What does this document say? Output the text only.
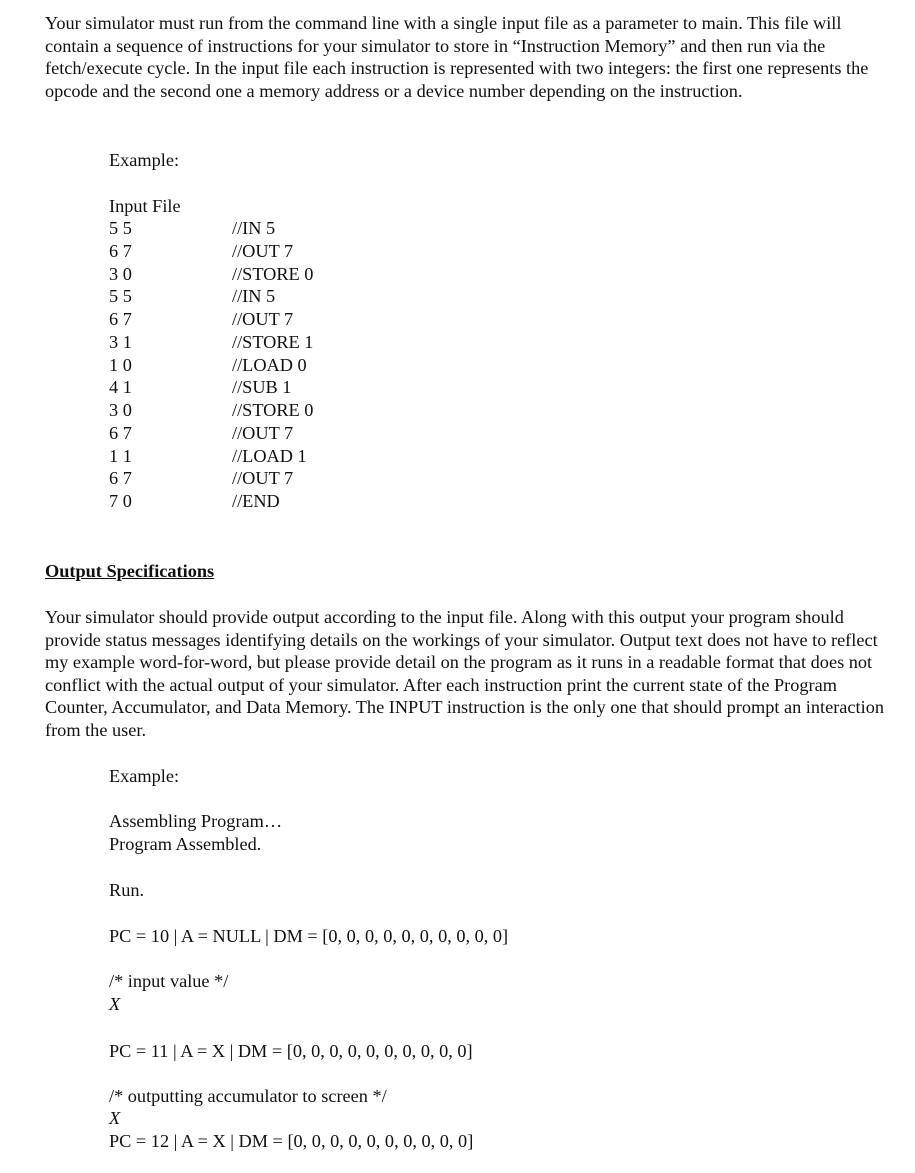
Your simulator must run from the command line with a single input file as a parameter to main. This file will contain a sequence of instructions for your simulator to store in “Instruction Memory” and then run via the fetch/execute cycle. In the input file each instruction is represented with two integers: the first one represents the opcode and the second one a memory address or a device number depending on the instruction.

Example:

Input File

5 5	//IN 5
6 7	//OUT 7
3 0	//STORE 0
5 5	//IN 5
6 7	//OUT 7
3 1	//STORE 1
1 0	//LOAD 0
4 1	//SUB 1
3 0	//STORE 0
6 7	//OUT 7
1 1	//LOAD 1
6 7	//OUT 7
7 0	//END
Output Specifications

Your simulator should provide output according to the input file. Along with this output your program should provide status messages identifying details on the workings of your simulator. Output text does not have to reflect my example word-for-word, but please provide detail on the program as it runs in a readable format that does not conflict with the actual output of your simulator. After each instruction print the current state of the Program Counter, Accumulator, and Data Memory. The INPUT instruction is the only one that should prompt an interaction from the user.

Example:

Assembling Program…

Program Assembled.

Run.

PC = 10 | A = NULL | DM = [0, 0, 0, 0, 0, 0, 0, 0, 0, 0]

/* input value */

X

PC = 11 | A = X | DM = [0, 0, 0, 0, 0, 0, 0, 0, 0, 0]

/* outputting accumulator to screen */

X

PC = 12 | A = X | DM = [0, 0, 0, 0, 0, 0, 0, 0, 0, 0]
